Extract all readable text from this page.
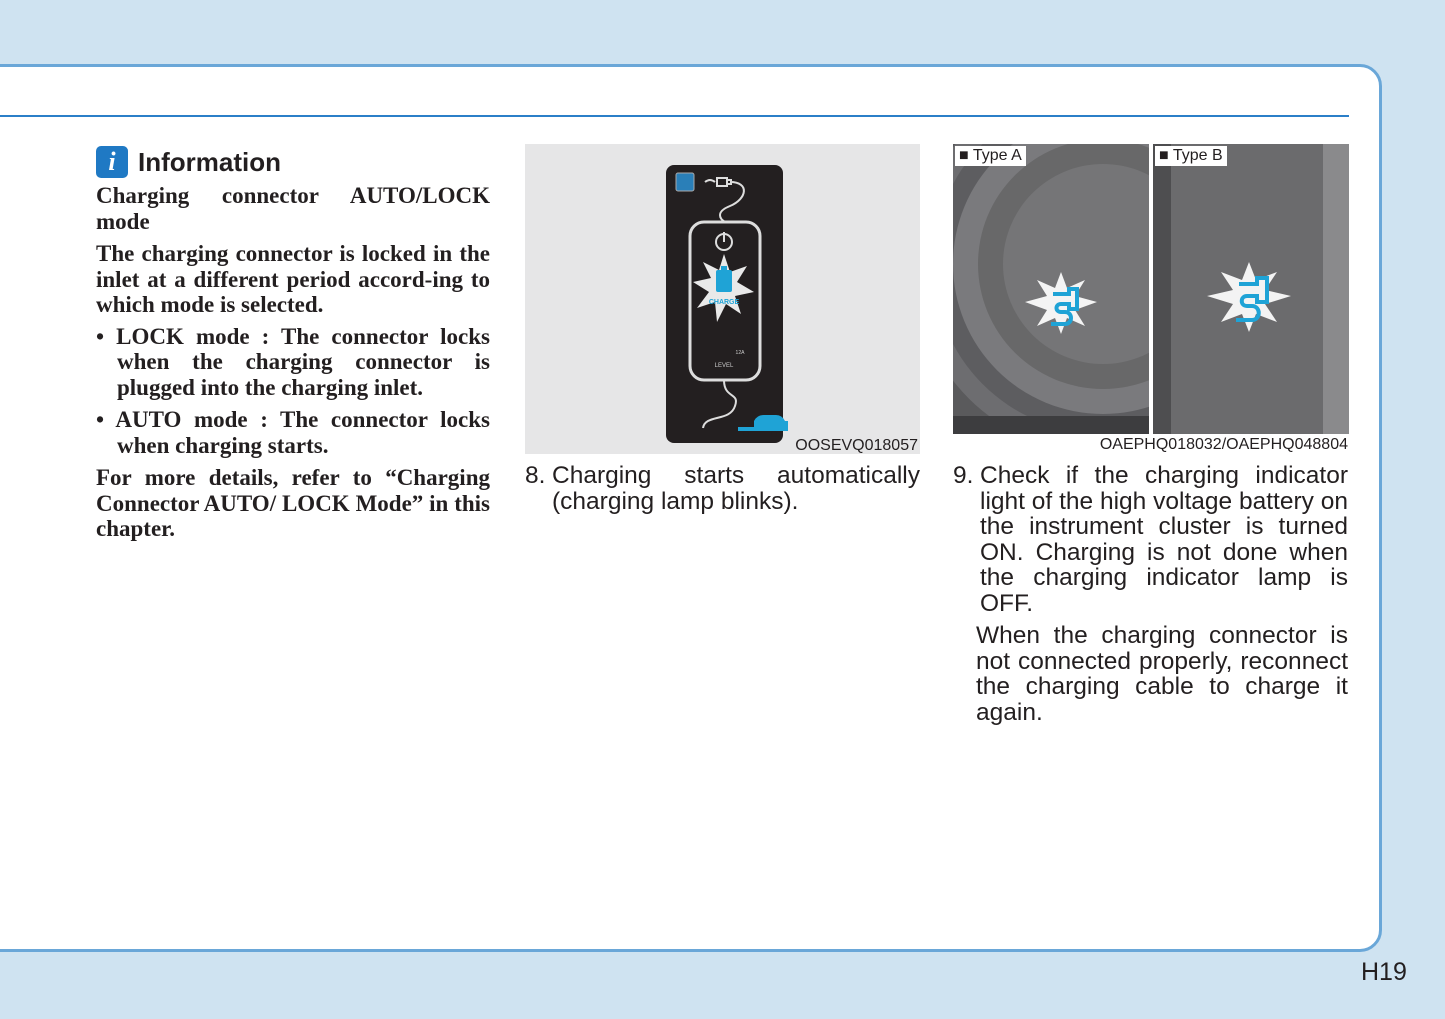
i Information

Charging connector AUTO/LOCK mode

The charging connector is locked in the inlet at a different period accord-ing to which mode is selected.

• LOCK mode : The connector locks when the charging connector is plugged into the charging inlet.
• AUTO mode : The connector locks when charging starts.

For more details, refer to “Charging Connector AUTO/ LOCK Mode” in this chapter.

CHARGE
12A
LEVEL
OOSEVQ018057

8. Charging starts automatically (charging lamp blinks).

■ Type A	■ Type B
OAEPHQ018032/OAEPHQ048804

9. Check if the charging indicator light of the high voltage battery on the instrument cluster is turned ON. Charging is not done when the charging indicator lamp is OFF.

When the charging connector is not connected properly, reconnect the charging cable to charge it again.

H19
